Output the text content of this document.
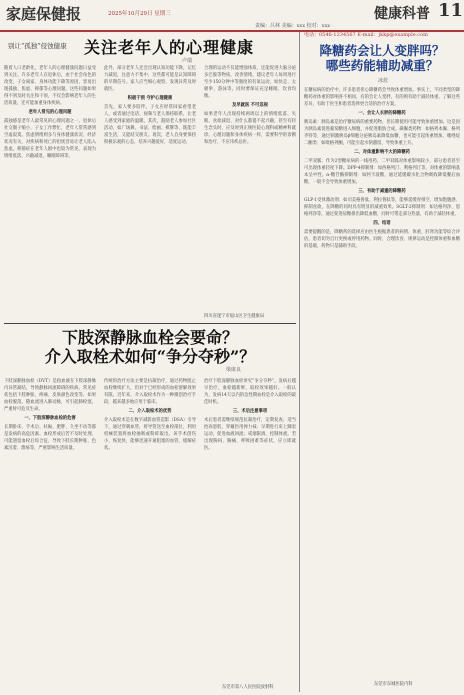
家庭保健报	2025年10月29日 星期三
责编：吕林 美编：xxx 校对：xxx
健康科普 11
别让“孤独”侵蚀健康 关注老年人的心理健康
卢瑞
随着人口老龄化，老年人的心理健康问题日益受到关注。许多老年人在退休后，由于社会角色的改变、子女离家、身体功能下降等原因，容易出现孤独、焦虑、抑郁等心理问题。这些问题如果得不到及时关注和干预，不仅会影响老年人的生活质量，还可能加重身体疾病。
老年人常见的心理问题
孤独感是老年人最常见的心理问题之一。退休后社交圈子缩小，子女工作繁忙，老年人常常感到空虚寂寞。焦虑情绪则多与身体健康状况、经济状况有关，对疾病和死亡的担忧容易让老人陷入焦虑。抑郁症在老年人群中也较为常见，表现为情绪低落、兴趣减退、睡眠障碍等。
此外，部分老年人还会出现认知功能下降，记忆力减退，注意力不集中，这些都可能是认知障碍的早期信号。家人应当细心观察，发现异常及时就医。
积极干预 守护心理健康
首先，家人要多陪伴。子女应经常回家看望老人，或者通过电话、视频与老人保持联系，让老人感受到家庭的温暖。其次，鼓励老人参加社区活动，如广场舞、书法、绘画、棋牌等，既能丰富生活，又能结交朋友。再次，老人自身要保持积极乐观的心态，培养兴趣爱好，适度运动。
合理的运动不仅能增强体质，还能促进大脑分泌多巴胺等物质，改善情绪。建议老年人每周进行至少150分钟中等强度的有氧运动，如快走、太极拳、游泳等。同时要保证充足睡眠，饮食均衡。
及早就医 不可忽视
如果老年人出现持续两周以上的情绪低落、失眠、食欲减退、对什么都提不起兴趣，甚至有轻生念头时，应及时到正规医院心理科或精神科就诊。心理问题和身体疾病一样，需要科学的诊断和治疗，不应讳疾忌医。
四川省遂宁市船山区卫生健康局
下肢深静脉血栓会要命？
介入取栓术如何“争分夺秒”？
梁康良
下肢深静脉血栓（DVT）是指血液在下肢深静脉内异常凝结，导致静脉回流障碍的疾病。常见症状包括下肢肿胀、疼痛、皮肤颜色改变等。如果血栓脱落，随血流进入肺动脉，可引起肺栓塞，严重时可危及生命。
一、下肢深静脉血栓的危害
长期卧床、手术后、妊娠、肥胖、久坐不动等都是发病的高危因素。血栓形成后若不及时处理，可能遗留血栓后综合征，导致下肢长期肿胀、色素沉着、溃疡等，严重影响生活质量。
传统的治疗方法主要是抗凝治疗，通过药物阻止血栓继续扩大，但对于已经形成的血栓溶解效果有限。近年来，介入取栓术作为一种微创治疗手段，越来越多地应用于临床。
二、介入取栓术的优势
介入取栓术是在数字减影血管造影（DSA）引导下，通过穿刺血管，将导管送至血栓部位，利用机械装置将血栓抽吸或粉碎取出。该手术创伤小、恢复快，能够迅速开通阻塞的血管，缓解症状。
治疗下肢深静脉血栓讲究“争分夺秒”。发病后越早治疗，血栓越新鲜，取栓效果越好。一般认为，发病14天以内的急性期血栓是介入取栓的最佳时机。
三、术后注意事项
术后患者需继续规范抗凝治疗，定期复查；适当抬高患肢，穿戴医用弹力袜；早期进行床上踝泵运动，促进血液回流；戒烟限酒，控制体重。若出现胸闷、胸痛、呼吸困难等症状，应立即就医。
东莞市第八人民医院放射科
电话：0546-1234567 E-mail：jkkp@example.com
降糖药会让人变胖吗？
哪些药能辅助减重？
冰蓝
在糖尿病的治疗中，许多患者担心降糖药会导致体重增加。事实上，不同类型的降糖药对体重的影响各不相同，有的会让人变胖，有的则有助于减轻体重。了解这些差异，有助于医生和患者选择更合适的治疗方案。
一、会让人长胖的降糖药
胰岛素：胰岛素是治疗糖尿病的重要药物，但长期使用可能导致体重增加。这是因为胰岛素促进葡萄糖进入细胞，并促进脂肪合成。磺脲类药物：如格列本脲、格列齐特等，通过刺激胰岛β细胞分泌胰岛素降低血糖，也可能引起体重增加。噻唑烷二酮类：如吡格列酮，可能引起水钠潴留，导致体重上升。
二、对体重影响不大的降糖药
二甲双胍：作为2型糖尿病的一线用药，二甲双胍对体重影响较小，部分患者甚至可出现体重轻度下降。DPP-4抑制剂：如西格列汀、利格列汀等，对体重的影响基本呈中性。α-糖苷酶抑制剂：如阿卡波糖，通过延缓碳水化合物吸收降低餐后血糖，一般不会导致体重增加。
三、有助于减重的降糖药
GLP-1受体激动剂：如司美格鲁肽、利拉鲁肽等，能够延缓胃排空、增加饱腹感、抑制食欲，在降糖的同时具有明显的减重效果。SGLT-2抑制剂：如达格列净、恩格列净等，通过促进尿糖排出降低血糖，同时可带走部分热量，有助于减轻体重。
四、结语
需要提醒的是，降糖药的选择应由医生根据患者的病情、体重、肝肾功能等综合评估，患者切勿自行更换或停用药物。同时，合理饮食、规律运动是控制体重和血糖的基础，药物只是辅助手段。
东莞市东城医院内科
